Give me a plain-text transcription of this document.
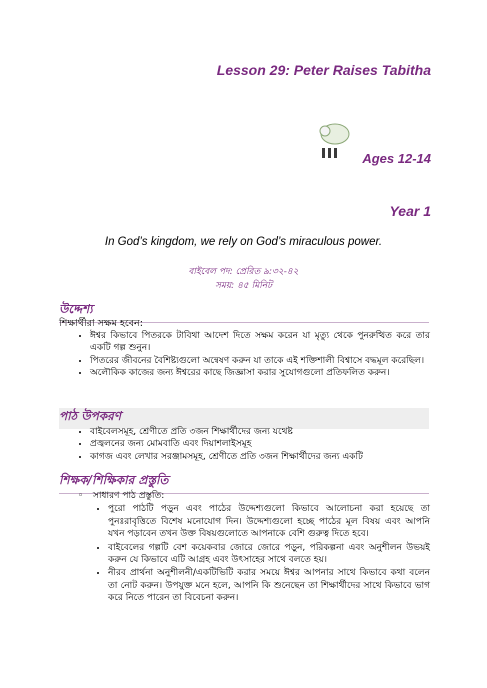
Lesson 29: Peter Raises Tabitha
Ages 12-14
Year 1
In God’s kingdom, we rely on God’s miraculous power.
বাইবেল পদ: প্রেরিত ৯:৩২-৪২
সময়: ৪৫ মিনিট
উদ্দেশ্য
শিক্ষার্থীরা সক্ষম হবেন:
• ঈশ্বর কিভাবে পিতরকে টাবিথা আদেশ দিতে সক্ষম করেন যা মৃত্যু থেকে পুনরুত্থিত করে তার একটি গল্প শুনুন।
• পিতরের জীবনের বৈশিষ্ট্যগুলো অন্বেষণ করুন যা তাকে এই শক্তিশালী বিশ্বাসে বদ্ধমূল করেছিল।
• অলৌকিক কাজের জন্য ঈশ্বরের কাছে জিজ্ঞাসা করার সুযোগগুলো প্রতিফলিত করুন।
পাঠ উপকরণ
• বাইবেলসমূহ, শ্রেণীতে প্রতি ৩জন শিক্ষার্থীদের জন্য যথেষ্ট
• প্রজ্বলনের জন্য মোমবাতি এবং দিয়াশলাইসমূহ
• কাগজ এবং লেখার সরঞ্জামসমূহ, শ্রেণীতে প্রতি ৩জন শিক্ষার্থীদের জন্য একটি
শিক্ষক/শিক্ষিকার প্রস্তুতি
◦ সাধারণ পাঠ প্রস্তুতি:
• পুরো পাঠটি পড়ুন এবং পাঠের উদ্দেশ্যগুলো কিভাবে আলোচনা করা হয়েছে তা পুনঃরাবৃত্তিতে বিশেষ মনোযোগ দিন। উদ্দেশ্যগুলো হচ্ছে পাঠের মূল বিষয় এবং আপনি যখন পড়াবেন তখন উক্ত বিষয়গুলোতে আপনাকে বেশি গুরুত্ব দিতে হবে।
• বাইবেলের গল্পটি বেশ কয়েকবার জোরে জোরে পড়ুন, পরিকল্পনা এবং অনুশীলন উভয়ই করুন যে কিভাবে এটি আগ্রহ এবং উৎসাহের সাথে বলতে হয়।
• নীরব প্রার্থনা অনুশীলনী/একটিভিটি করার সময়ে ঈশ্বর আপনার সাথে কিভাবে কথা বলেন তা নোট করুন। উপযুক্ত মনে হলে, আপনি কি শুনেছেন তা শিক্ষার্থীদের সাথে কিভাবে ভাগ করে নিতে পারেন তা বিবেচনা করুন।
